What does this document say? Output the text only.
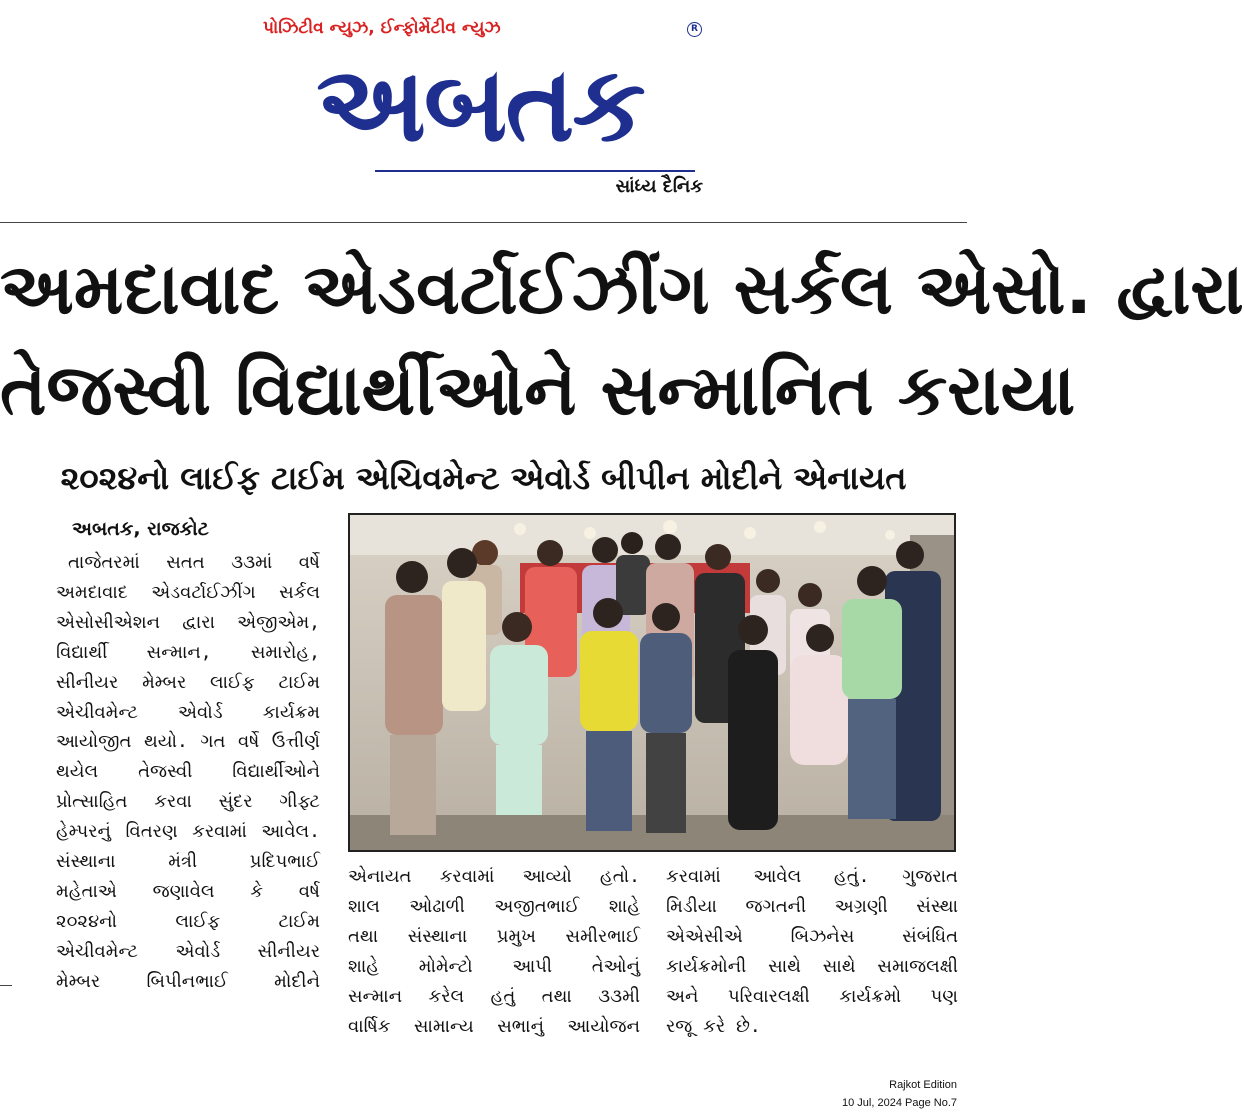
પોઝિટીવ ન્યુઝ, ઈન્ફોર્મેટીવ ન્યુઝ	R
અબતક
સાંધ્ય દૈનિક
અમદાવાદ એડવર્ટાઈઝીંગ સર્કલ એસો. દ્વારા
તેજસ્વી વિદ્યાર્થીઓને સન્માનિત કરાયા
૨૦૨૪નો લાઈફ ટાઈમ એચિવમેન્ટ એવોર્ડ બીપીન મોદીને એનાયત
અબતક, રાજકોટ
તાજેતરમાં સતત ૩૩માં વર્ષે
અમદાવાદ એડવર્ટાઈઝીંગ સર્કલ
એસોસીએશન દ્વારા એજીએમ,
વિદ્યાર્થી સન્માન, સમારોહ,
સીનીયર મેમ્બર લાઈફ ટાઈમ
એચીવમેન્ટ એવોર્ડ કાર્યક્રમ
આયોજીત થયો. ગત વર્ષે ઉત્તીર્ણ
થયેલ તેજસ્વી વિદ્યાર્થીઓને
પ્રોત્સાહિત કરવા સુંદર ગીફ્ટ
હેમ્પરનું વિતરણ કરવામાં આવેલ.
સંસ્થાના મંત્રી પ્રદિપભાઈ
મહેતાએ જણાવેલ કે વર્ષ
૨૦૨૪નો લાઈફ ટાઈમ
એચીવમેન્ટ એવોર્ડ સીનીયર
મેમ્બર બિપીનભાઈ મોદીને
એનાયત કરવામાં આવ્યો હતો.
શાલ ઓઢાળી અજીતભાઈ શાહે
તથા સંસ્થાના પ્રમુખ સમીરભાઈ
શાહે મોમેન્ટો આપી તેઓનું
સન્માન કરેલ હતું તથા ૩૩મી
વાર્ષિક સામાન્ય સભાનું આયોજન
કરવામાં આવેલ હતું. ગુજરાત
મિડીયા જગતની અગ્રણી સંસ્થા
એએસીએ બિઝનેસ સંબંધિત
કાર્યક્રમોની સાથે સાથે સમાજલક્ષી
અને પરિવારલક્ષી કાર્યક્રમો પણ
રજૂ કરે છે.
Rajkot Edition
10 Jul, 2024 Page No.7
